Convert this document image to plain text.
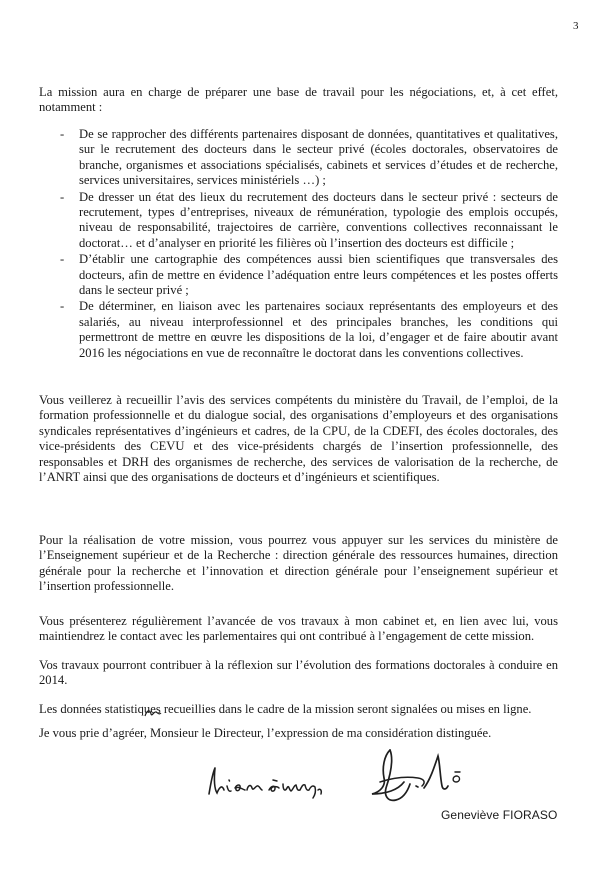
3

La mission aura en charge de préparer une base de travail pour les négociations, et, à cet effet, notamment :

- De se rapprocher des différents partenaires disposant de données, quantitatives et qualitatives, sur le recrutement des docteurs dans le secteur privé (écoles doctorales, observatoires de branche, organismes et associations spécialisés, cabinets et services d’études et de recherche, services universitaires, services ministériels …) ;
- De dresser un état des lieux du recrutement des docteurs dans le secteur privé : secteurs de recrutement, types d’entreprises, niveaux de rémunération, typologie des emplois occupés, niveau de responsabilité, trajectoires de carrière, conventions collectives reconnaissant le doctorat… et d’analyser en priorité les filières où l’insertion des docteurs est difficile ;
- D’établir une cartographie des compétences aussi bien scientifiques que transversales des docteurs, afin de mettre en évidence l’adéquation entre leurs compétences et les postes offerts dans le secteur privé ;
- De déterminer, en liaison avec les partenaires sociaux représentants des employeurs et des salariés, au niveau interprofessionnel et des principales branches, les conditions qui permettront de mettre en œuvre les dispositions de la loi, d’engager et de faire aboutir avant 2016 les négociations en vue de reconnaître le doctorat dans les conventions collectives.

Vous veillerez à recueillir l’avis des services compétents du ministère du Travail, de l’emploi, de la formation professionnelle et du dialogue social, des organisations d’employeurs et des organisations syndicales représentatives d’ingénieurs et cadres, de la CPU, de la CDEFI, des écoles doctorales, des vice-présidents des CEVU et des vice-présidents chargés de l’insertion professionnelle, des responsables et DRH des organismes de recherche, des services de valorisation de la recherche, de l’ANRT ainsi que des organisations de docteurs et d’ingénieurs et scientifiques.

Pour la réalisation de votre mission, vous pourrez vous appuyer sur les services du ministère de l’Enseignement supérieur et de la Recherche : direction générale des ressources humaines, direction générale pour la recherche et l’innovation et direction générale pour l’enseignement supérieur et l’insertion professionnelle.

Vous présenterez régulièrement l’avancée de vos travaux à mon cabinet et, en lien avec lui, vous maintiendrez le contact avec les parlementaires qui ont contribué à l’engagement de cette mission.

Vos travaux pourront contribuer à la réflexion sur l’évolution des formations doctorales à conduire en 2014.

Les données statistiques recueillies dans le cadre de la mission seront signalées ou mises en ligne.

Je vous prie d’agréer, Monsieur le Directeur, l’expression de ma considération distinguée.

Geneviève FIORASO
